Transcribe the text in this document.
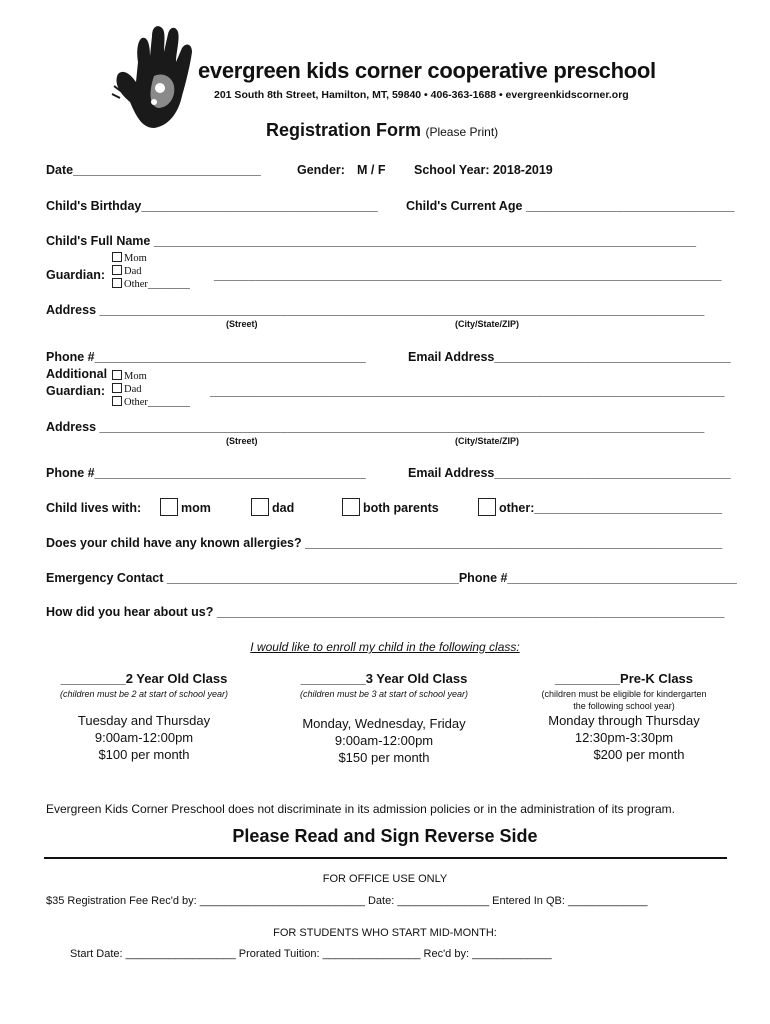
evergreen kids corner cooperative preschool
201 South 8th Street, Hamilton, MT, 59840 • 406-363-1688 • evergreenkidscorner.org
Registration Form (Please Print)
Date___________________________	Gender: M / F School Year: 2018-2019
Child's Birthday__________________________________ Child's Current Age ______________________________
Child's Full Name ______________________________________________________________________________
Mom
Dad
Other________
Guardian:	_________________________________________________________________________
Address _______________________________________________________________________________________
(Street)	(City/State/ZIP)
Phone #_______________________________________	Email Address__________________________________
Additional
Guardian:
Mom
Dad
Other________
__________________________________________________________________________
Address _______________________________________________________________________________________
(Street)	(City/State/ZIP)
Phone #_______________________________________	Email Address__________________________________
Child lives with:	mom	dad	both parents	other:___________________________
Does your child have any known allergies? ____________________________________________________________
Emergency Contact __________________________________________Phone #_________________________________
How did you hear about us? _________________________________________________________________________
I would like to enroll my child in the following class:
_________2 Year Old Class
(children must be 2 at start of school year)
Tuesday and Thursday
9:00am-12:00pm
$100 per month
_________3 Year Old Class
(children must be 3 at start of school year)
Monday, Wednesday, Friday
9:00am-12:00pm
$150 per month
_________Pre-K Class
(children must be eligible for kindergarten
the following school year)
Monday through Thursday
12:30pm-3:30pm
$200 per month
Evergreen Kids Corner Preschool does not discriminate in its admission policies or in the administration of its program.
Please Read and Sign Reverse Side
FOR OFFICE USE ONLY
$35 Registration Fee Rec'd by: ___________________________ Date: _______________ Entered In QB: _____________
FOR STUDENTS WHO START MID-MONTH:
Start Date: __________________ Prorated Tuition: ________________ Rec'd by: _____________
